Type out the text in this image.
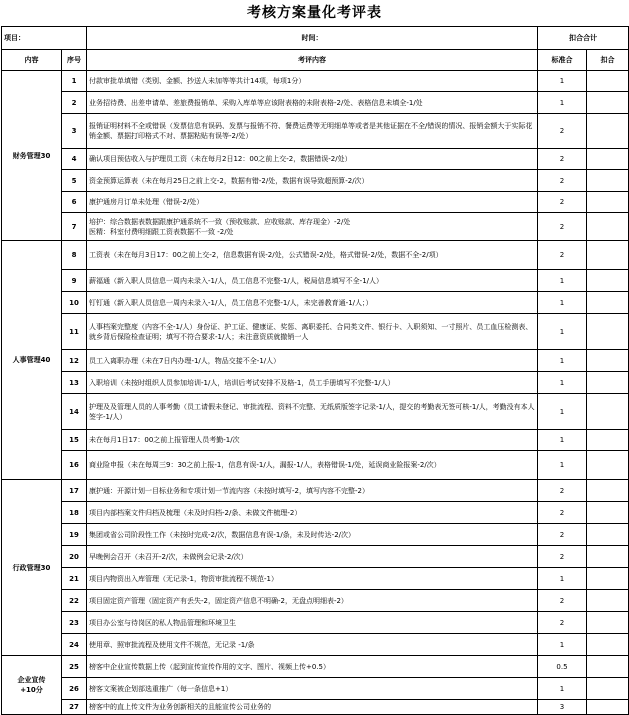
考核方案量化考评表
项目：		时间：	扣合合计	
内容	序号	考评内容	标准合	扣合
财务管理30	1	付款审批单填错（类别、金额、抄送人未加等等共计14项，每项1分）	1	
	2	业务招待费、出差申请单、差旅费报销单、采购入库单等应该附表格的未附表格-2/处、表格信息未填全-1/处	1	
	3	报销证明材料不全或错误（发票信息有误码、发票与报销不符、餐费运费等无明细单等或者是其他证据在不全/错误的情况、报销金额大于实际花销金额、票据打印格式不对、票据粘贴有误等-2/处）	2	
	4	确认项目预估收入与护理员工资（未在每月2日12：00之前上交-2，数据错误-2/处）	2	
	5	资金预算运算表（未在每月25日之前上交-2，数据有错-2/处，数据有误导致超预算-2/次）	2	
	6	康护通房月订单未处理（错误-2/处）	2	
	7	培护：综合数据表数据跟康护通系统不一致（预收账款、应收账款、库存现金）-2/处
医精：科室付费明细跟工资表数据不一致 -2/处	2	
人事管理40	8	工资表（未在每月3日17：00之前上交-2，信息数据有误-2/处，公式错误-2/处，格式错误-2/处，数据不全-2/项）	2	
	9	薪福通（新入职人员信息一周内未录入-1/人，员工信息不完整-1/人，税局信息填写不全-1/人）	1	
	10	钉钉通（新入职人员信息一周内未录入-1/人，员工信息不完整-1/人，未完善教育通-1/人；）	1	
	11	人事档案完整度（内容不全-1/人）身份证、护工证、健康证、奖惩、离职委托、合同类文件、银行卡、入职须知、一寸照片、员工血压检测表、就乡背后保险检查证明；填写不符合要求-1/人；未注意资质就撤销一人	1	
	12	员工入离职办理（未在7日内办理-1/人，物品交接不全-1/人）	1	
	13	入职培训（未按时组织人员参加培训-1/人，培训后考试安排不及格-1，员工手册填写不完整-1/人）	1	
	14	护理及及管理人员的人事考勤（员工请假未登记、审批流程、资料不完整、无纸质版签字记录-1/人，提交的考勤表无签可核-1/人，考勤没有本人签字-1/人）	1	
	15	未在每月1日17：00之前上报管理人员考勤-1/次	1	
	16	商业险申报（未在每周三9：30之前上报-1，信息有误-1/人，漏报-1/人，表格错误-1/处，延误商业险报案-2/次）	1	
行政管理30	17	康护通：开源计划一目标业务和专项计划一节流内容（未按时填写-2，填写内容不完整-2）	2	
	18	项目内部档案文件归档及梳理（未及时归档-2/条、未做文件梳理-2）	2	
	19	集团或省公司阶段性工作（未按时完成-2/次，数据信息有误-1/条，未及时传达-2/次）	2	
	20	早晚例会召开（未召开-2/次，未做例会记录-2/次）	2	
	21	项目内物资出入库管理（无记录-1，物资审批流程不规范-1）	1	
	22	项目固定资产管理（固定资产有丢失-2，固定资产信息不明确-2，无盘点明细表-2）	2	
	23	项目办公室与待岗区的私人物品管理和环境卫生	2	
	24	使用章、照审批流程及使用文件不规范，无记录 -1/条	1	
企业宣传
+10分	25	榜客中企业宣传数据上传（起到宣传宣传作用的文字、图片、视频上传+0.5）	0.5	
	26	榜客文案被企划部选重推广（每一条信息+1）	1	
	27	榜客中的直上传文件为业务创新相关的且能宣传公司业务的	3	
